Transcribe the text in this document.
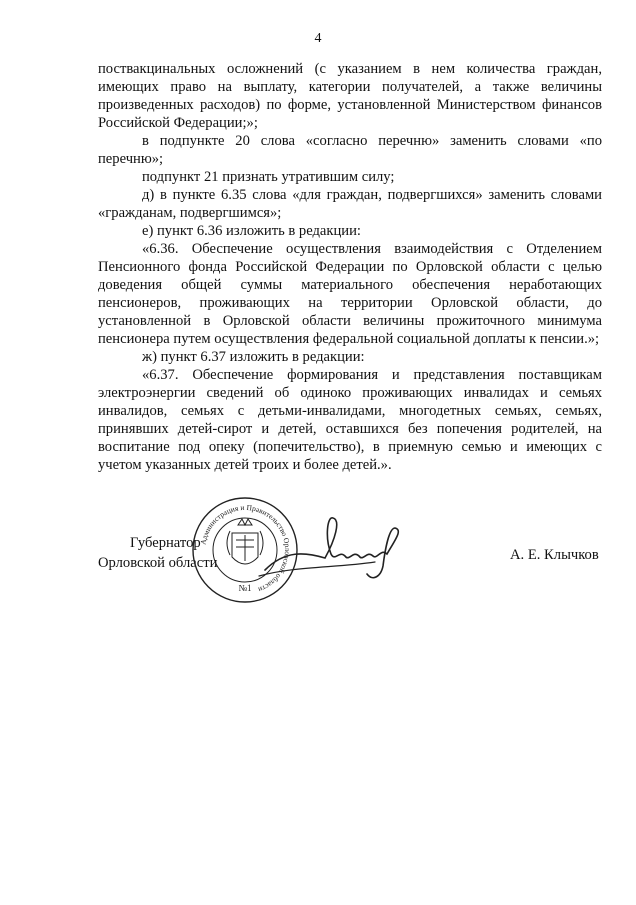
4

поствакцинальных осложнений (с указанием в нем количества граждан, имеющих право на выплату, категории получателей, а также величины произведенных расходов) по форме, установленной Министерством финансов Российской Федерации;»;

в подпункте 20 слова «согласно перечню» заменить словами «по перечню»;

подпункт 21 признать утратившим силу;

д) в пункте 6.35 слова «для граждан, подвергшихся» заменить словами «гражданам, подвергшимся»;

е) пункт 6.36 изложить в редакции:

«6.36. Обеспечение осуществления взаимодействия с Отделением Пенсионного фонда Российской Федерации по Орловской области с целью доведения общей суммы материального обеспечения неработающих пенсионеров, проживающих на территории Орловской области, до установленной в Орловской области величины прожиточного минимума пенсионера путем осуществления федеральной социальной доплаты к пенсии.»;

ж) пункт 6.37 изложить в редакции:

«6.37. Обеспечение формирования и представления поставщикам электроэнергии сведений об одиноко проживающих инвалидах и семьях инвалидов, семьях с детьми-инвалидами, многодетных семьях, семьях, принявших детей-сирот и детей, оставшихся без попечения родителей, на воспитание под опеку (попечительство), в приемную семью и имеющих с учетом указанных детей троих и более детей.».

Губернатор
Орловской области
Администрация и Правительство Орловской области
№1
А. Е. Клычков
